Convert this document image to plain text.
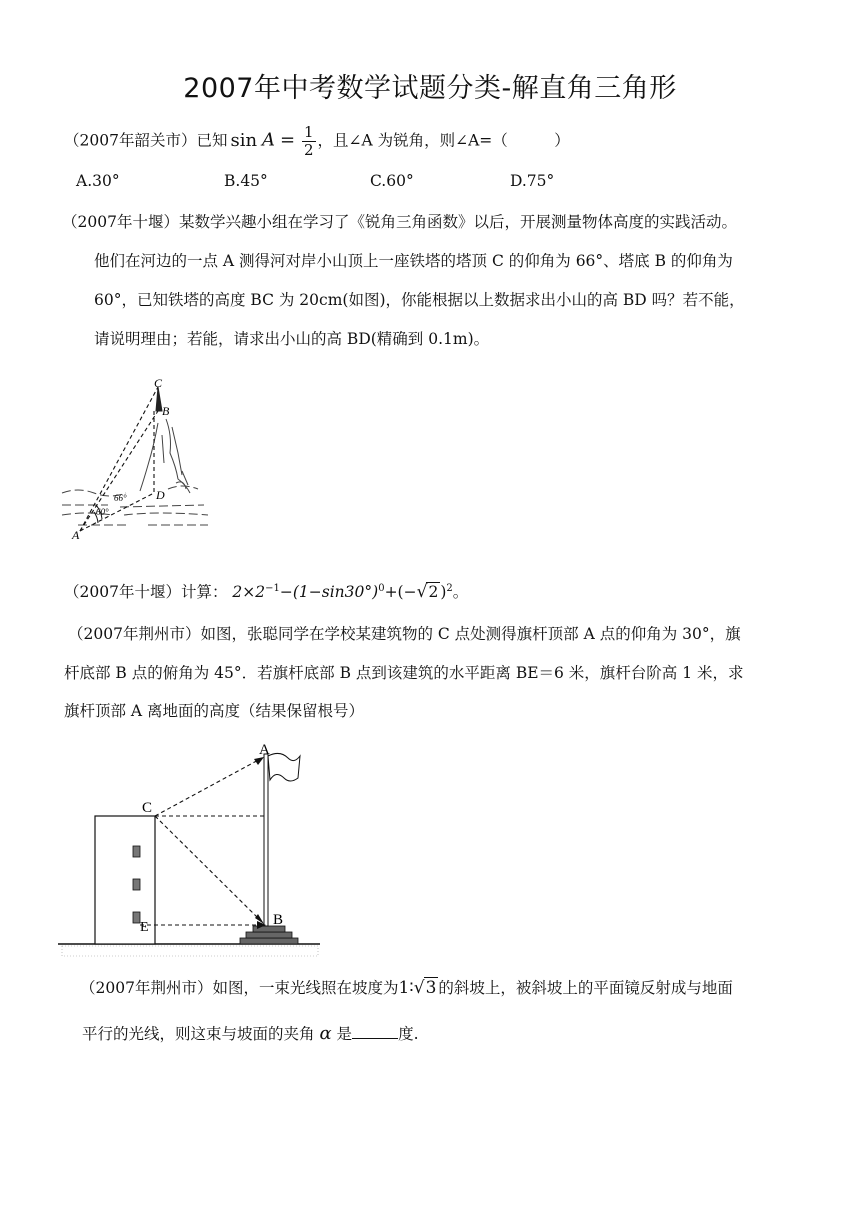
2007年中考数学试题分类-解直角三角形
（2007年韶关市）已知 $\sin A = \frac{1}{2}$ ，且∠A 为锐角，则∠A=（　　　）
A.30°	B.45°	C.60°	D.75°
（2007年十堰）某数学兴趣小组在学习了《锐角三角函数》以后，开展测量物体高度的实践活动。
他们在河边的一点 A 测得河对岸小山顶上一座铁塔的塔顶 C 的仰角为 66°、塔底 B 的仰角为
60°，已知铁塔的高度 BC 为 20cm(如图)，你能根据以上数据求出小山的高 BD 吗？若不能，
请说明理由；若能，请求出小山的高 BD(精确到 0.1m)。
C
B
D
A
66°
60°
（2007年十堰）计算： $2\times 2^{-1}-(1-\sin 30^\circ)^0+(-√2$ )$^2$。
（2007年荆州市）如图，张聪同学在学校某建筑物的 C 点处测得旗杆顶部 A 点的仰角为 30°，旗
杆底部 B 点的俯角为 45°．若旗杆底部 B 点到该建筑的水平距离 BE＝6 米，旗杆台阶高 1 米，求
旗杆顶部 A 离地面的高度（结果保留根号）
A
C
B
E
（2007年荆州市）如图，一束光线照在坡度为1∶√3 的斜坡上，被斜坡上的平面镜反射成与地面
平行的光线，则这束与坡面的夹角 α 是	度.
